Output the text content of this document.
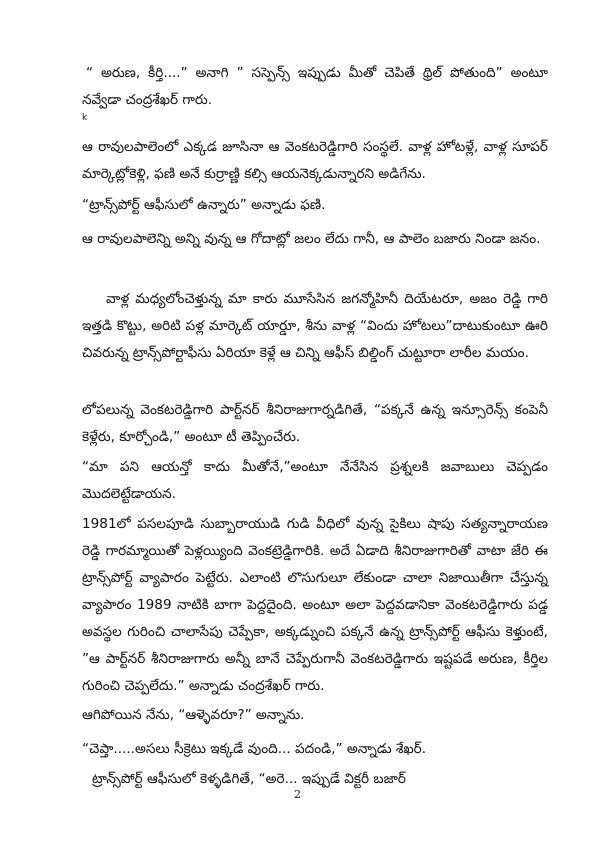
“ అరుణ, కీర్తి....” అనాగి ” సస్పెన్స్ ఇప్పుడు మీతో చెపితే థ్రిల్ పోతుంది” అంటూ నవ్వేడా చంద్రశేఖర్ గారు.

k

ఆ రావులపాలెంలో ఎక్కడ జూసినా ఆ వెంకటరెడ్డిగారి సంస్థలే. వాళ్ల హోటళ్లే, వాళ్ల సూపర్ మార్కెట్లోకెళ్లి, ఫణి అనే కుర్రాణ్ణి కల్సి ఆయనెక్కడున్నారని అడిగేను.

“ట్రాన్స్‌పోర్ట్ ఆఫీసులో ఉన్నారు” అన్నాడు ఫణి.

ఆ రావులపాలెన్ని అన్ని వున్న ఆ గోదాట్లో జలం లేదు గానీ, ఆ పాలెం బజారు నిండా జనం.

వాళ్ల మధ్యలోంచెళ్తున్న మా కారు మూసేసిన జగన్మోహినీ దియేటరూ, అజం రెడ్డి గారి ఇత్తడి కొట్టు, అరిటి పళ్ల మార్కెట్ యార్డూ, శీను వాళ్ల “విందు హోటలు”దాటుకుంటూ ఊరి చివరున్న ట్రాన్స్‌పోర్టాఫీసు ఏరియా కెళ్లే ఆ చిన్ని ఆఫీస్ బిల్డింగ్ చుట్టూరా లారీల మయం.

లోపలున్న వెంకటరెడ్డిగారి పార్ట్‌నర్ శీనిరాజుగార్నడిగితే, “పక్కనే ఉన్న ఇన్సూరెన్స్ కంపెనీ కెళ్లేరు, కూర్చోండి,” అంటూ టీ తెప్పించేరు.

“మా పని ఆయన్తో కాదు మీతోనే,”అంటూ నేనేసిన ప్రశ్నలకి జవాబులు చెప్పడం మొదలెట్టేడాయన.

1981లో పసలపూడి సుబ్బారాయుడి గుడి వీధిలో వున్న సైకిలు షాపు సత్యన్నారాయణ రెడ్డి గారమ్మాయితో పెళ్లయ్యింది వెంకట్రెడ్డిగారికి. అదే ఏడాది శీనిరాజుగారితో వాటా జేరి ఈ ట్రాన్స్‌పోర్ట్ వ్యాపారం పెట్టేరు. ఎలాంటి లొసుగులూ లేకుండా చాలా నిజాయితీగా చేస్తున్న వ్యాపారం 1989 నాటికి బాగా పెద్దదైంది. అంటూ అలా పెద్దవడానికా వెంకటరెడ్డిగారు పడ్డ అవస్థల గురించి చాలాసేపు చెప్పేకా, అక్కడ్నుంచి పక్కనే ఉన్న ట్రాన్స్‌పోర్ట్ ఆఫీసు కెళ్తుంటే, ”ఆ పార్ట్‌నర్ శీనిరాజుగారు అన్నీ బానే చెప్పేరుగానీ వెంకటరెడ్డిగారు ఇష్టపడే అరుణ, కీర్తిల గురించి చెప్పలేదు.” అన్నాడు చంద్రశేఖర్ గారు.

ఆగిపోయిన నేను, “ఆళ్ళెవరూ?” అన్నాను.

“చెప్తా.....అసలు సీక్రెటు ఇక్కడే వుంది... పదండి,” అన్నాడు శేఖర్.

ట్రాన్స్‌పోర్ట్ ఆఫీసులో కెళ్ళడిగితే, “అరె... ఇప్పుడే విక్టరీ బజార్

2
